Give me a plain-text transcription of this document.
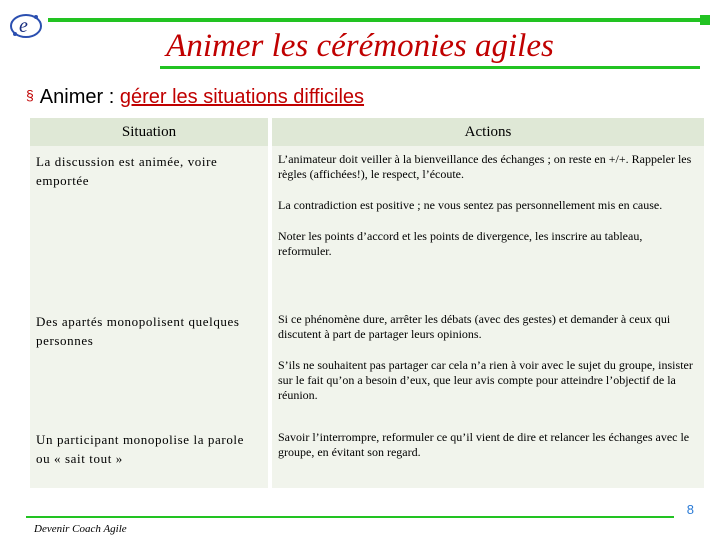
e
Animer les cérémonies agiles
§ Animer : gérer les situations difficiles
Situation	Actions
La discussion est animée, voire emportée	L’animateur doit veiller à la bienveillance des échanges ; on reste en +/+. Rappeler les règles (affichées!), le respect, l’écoute.

La contradiction est positive ; ne vous sentez pas personnellement mis en cause.

Noter les points d’accord et les points de divergence, les inscrire au tableau, reformuler.

Des apartés monopolisent quelques personnes	Si ce phénomène dure, arrêter les débats (avec des gestes) et demander à ceux qui discutent à part de partager leurs opinions.

S’ils ne souhaitent pas partager car cela n’a rien à voir avec le sujet du groupe, insister sur le fait qu’on a besoin d’eux, que leur avis compte pour atteindre l’objectif de la réunion.

Un participant monopolise la parole ou « sait tout »	Savoir l’interrompre, reformuler ce qu’il vient de dire et relancer les échanges avec le groupe, en évitant son regard.

8
Devenir Coach Agile
